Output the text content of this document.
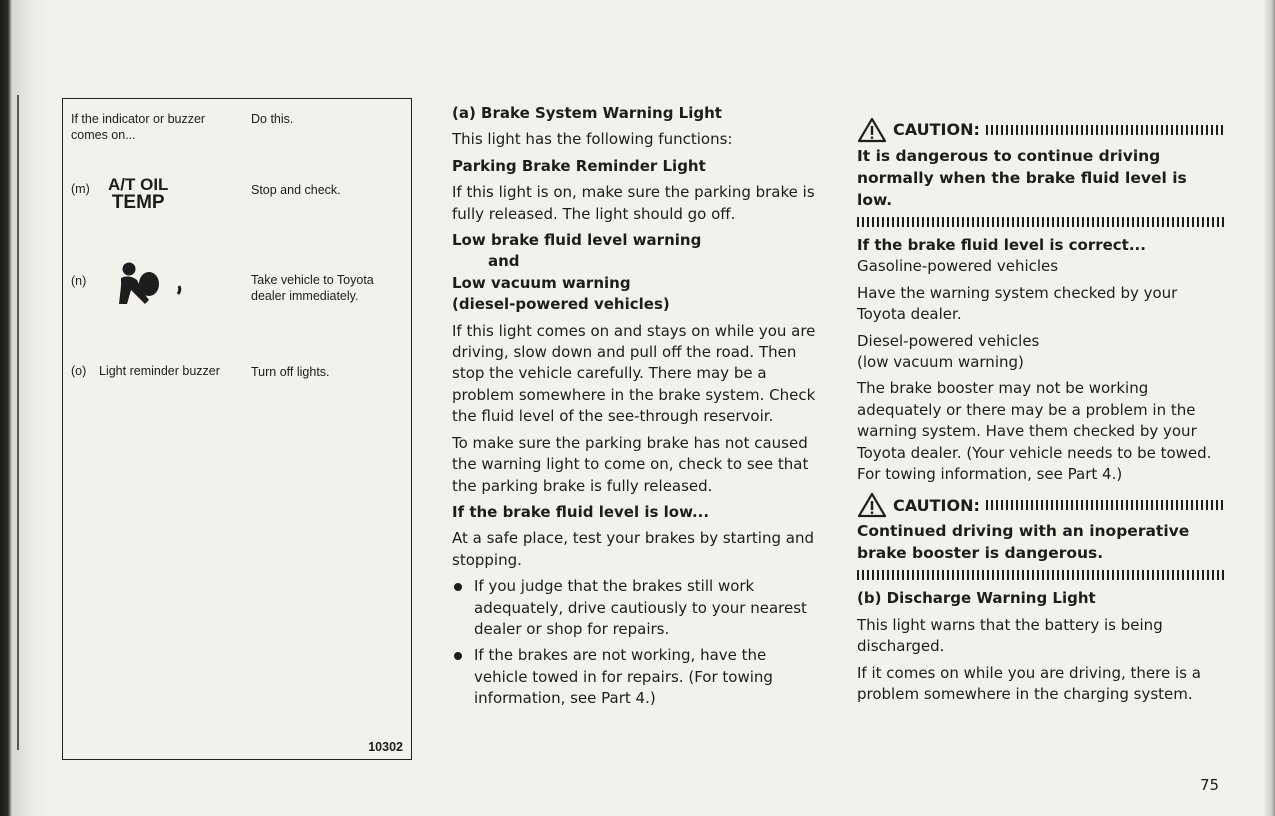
If the indicator or buzzer comes on...
Do this.
(m) A/T OIL
TEMP
Stop and check.
(n)	Take vehicle to Toyota dealer immediately.
(o) Light reminder buzzer Turn off lights.
10302

(a) Brake System Warning Light

This light has the following functions:

Parking Brake Reminder Light

If this light is on, make sure the parking brake is fully released. The light should go off.

Low brake fluid level warning

and

Low vacuum warning

(diesel-powered vehicles)

If this light comes on and stays on while you are driving, slow down and pull off the road. Then stop the vehicle carefully. There may be a problem somewhere in the brake system. Check the fluid level of the see-through reservoir.

To make sure the parking brake has not caused the warning light to come on, check to see that the parking brake is fully released.

If the brake fluid level is low...

At a safe place, test your brakes by starting and stopping.

If you judge that the brakes still work adequately, drive cautiously to your nearest dealer or shop for repairs.

If the brakes are not working, have the vehicle towed in for repairs. (For towing information, see Part 4.)

CAUTION:

It is dangerous to continue driving normally when the brake fluid level is low.

If the brake fluid level is correct...

Gasoline-powered vehicles

Have the warning system checked by your Toyota dealer.

Diesel-powered vehicles

(low vacuum warning)

The brake booster may not be working adequately or there may be a problem in the warning system. Have them checked by your Toyota dealer. (Your vehicle needs to be towed. For towing information, see Part 4.)

CAUTION:

Continued driving with an inoperative brake booster is dangerous.

(b) Discharge Warning Light

This light warns that the battery is being discharged.

If it comes on while you are driving, there is a problem somewhere in the charging system.

75
